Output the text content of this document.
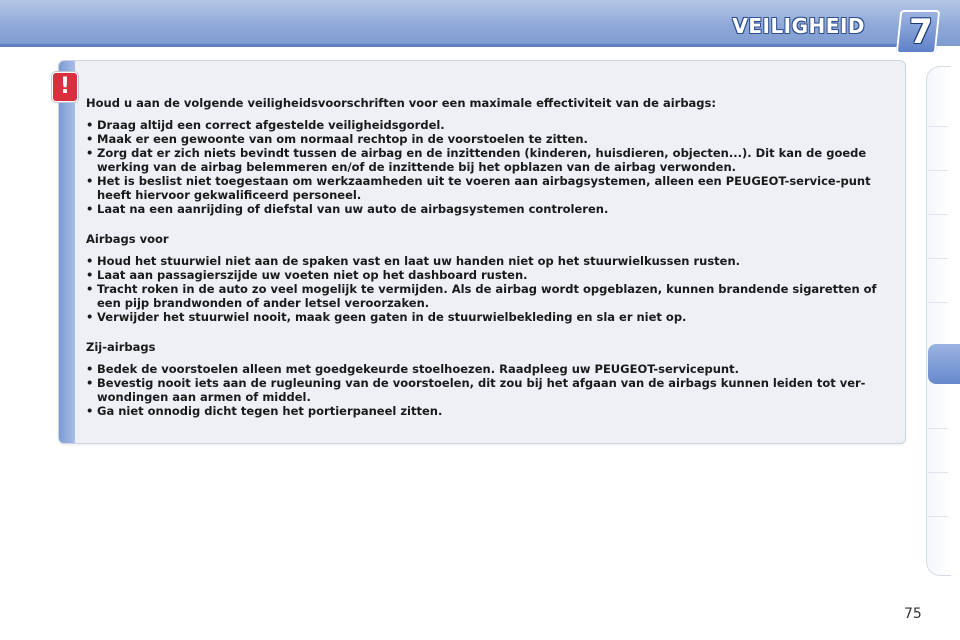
VEILIGHEID 7
!
Houd u aan de volgende veiligheidsvoorschriften voor een maximale effectiviteit van de airbags:
• Draag altijd een correct afgestelde veiligheidsgordel.
• Maak er een gewoonte van om normaal rechtop in de voorstoelen te zitten.
• Zorg dat er zich niets bevindt tussen de airbag en de inzittenden (kinderen, huisdieren, objecten...). Dit kan de goede werking van de airbag belemmeren en/of de inzittende bij het opblazen van de airbag verwonden.
• Het is beslist niet toegestaan om werkzaamheden uit te voeren aan airbagsystemen, alleen een PEUGEOT-service-punt heeft hiervoor gekwalificeerd personeel.
• Laat na een aanrijding of diefstal van uw auto de airbagsystemen controleren.
Airbags voor
• Houd het stuurwiel niet aan de spaken vast en laat uw handen niet op het stuurwielkussen rusten.
• Laat aan passagierszijde uw voeten niet op het dashboard rusten.
• Tracht roken in de auto zo veel mogelijk te vermijden. Als de airbag wordt opgeblazen, kunnen brandende sigaretten of een pijp brandwonden of ander letsel veroorzaken.
• Verwijder het stuurwiel nooit, maak geen gaten in de stuurwielbekleding en sla er niet op.
Zij-airbags
• Bedek de voorstoelen alleen met goedgekeurde stoelhoezen. Raadpleeg uw PEUGEOT-servicepunt.
• Bevestig nooit iets aan de rugleuning van de voorstoelen, dit zou bij het afgaan van de airbags kunnen leiden tot ver-wondingen aan armen of middel.
• Ga niet onnodig dicht tegen het portierpaneel zitten.
75
